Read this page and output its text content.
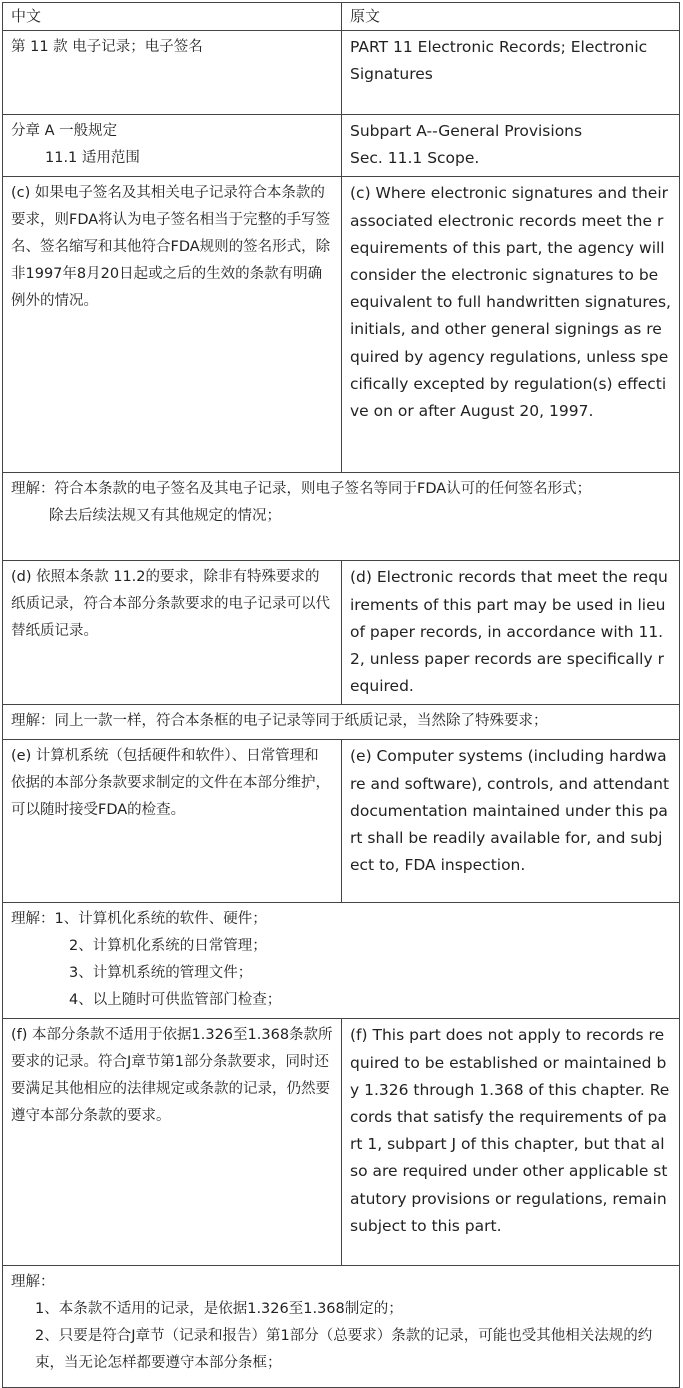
中文	原文

第 11 款 电子记录；电子签名	PART 11 Electronic Records; Electronic
Signatures

分章 A 一般规定
11.1 适用范围	Subpart A--General Provisions
Sec. 11.1 Scope.

(c) 如果电子签名及其相关电子记录符合本条款的要求，则FDA将认为电子签名相当于完整的手写签名、签名缩写和其他符合FDA规则的签名形式，除非1997年8月20日起或之后的生效的条款有明确例外的情况。	(c) Where electronic signatures and their associated electronic records meet the requirements of this part, the agency will consider the electronic signatures to be equivalent to full handwritten signatures, initials, and other general signings as required by agency regulations, unless specifically excepted by regulation(s) effective on or after August 20, 1997.

理解：符合本条款的电子签名及其电子记录，则电子签名等同于FDA认可的任何签名形式；
除去后续法规又有其他规定的情况；	

(d) 依照本条款 11.2的要求，除非有特殊要求的纸质记录，符合本部分条款要求的电子记录可以代替纸质记录。	(d) Electronic records that meet the requirements of this part may be used in lieu of paper records, in accordance with 11.2, unless paper records are specifically required.

理解：同上一款一样，符合本条框的电子记录等同于纸质记录，当然除了特殊要求；	

(e) 计算机系统（包括硬件和软件）、日常管理和依据的本部分条款要求制定的文件在本部分维护，可以随时接受FDA的检查。	(e) Computer systems (including hardware and software), controls, and attendant documentation maintained under this part shall be readily available for, and subject to, FDA inspection.

理解：1、计算机化系统的软件、硬件；
2、计算机化系统的日常管理；
3、计算机系统的管理文件；
4、以上随时可供监管部门检查；	

(f) 本部分条款不适用于依据1.326至1.368条款所要求的记录。符合J章节第1部分条款要求，同时还要满足其他相应的法律规定或条款的记录，仍然要遵守本部分条款的要求。	(f) This part does not apply to records required to be established or maintained by 1.326 through 1.368 of this chapter. Records that satisfy the requirements of part 1, subpart J of this chapter, but that also are required under other applicable statutory provisions or regulations, remain subject to this part.

理解：
1、本条款不适用的记录，是依据1.326至1.368制定的；
2、只要是符合J章节（记录和报告）第1部分（总要求）条款的记录，可能也受其他相关法规的约束，当无论怎样都要遵守本部分条框；	
